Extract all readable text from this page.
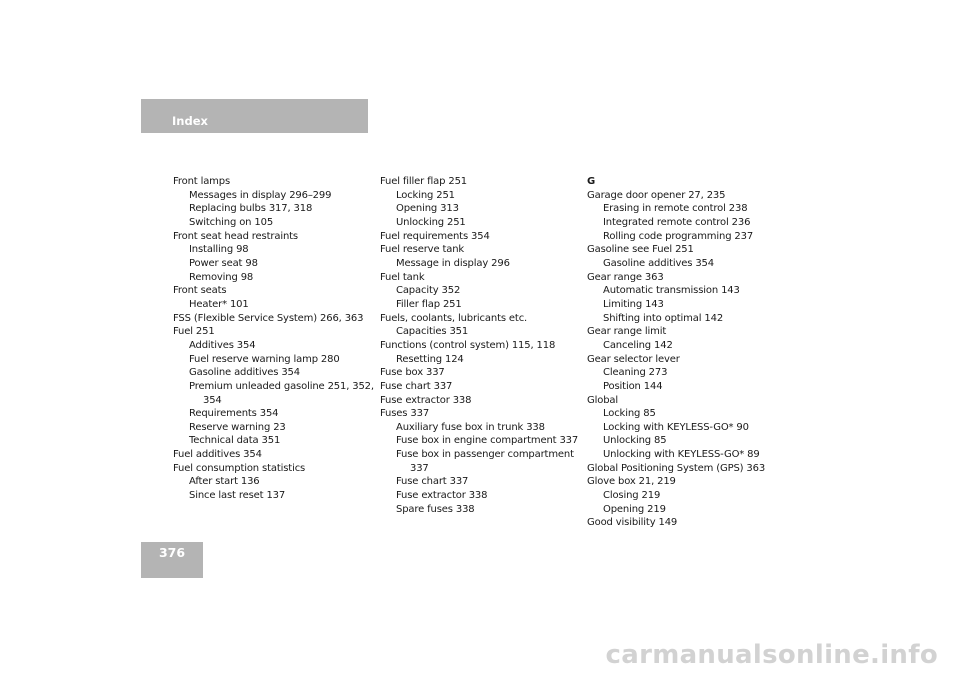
Index
Front lamps
Messages in display 296–299
Replacing bulbs 317, 318
Switching on 105
Front seat head restraints
Installing 98
Power seat 98
Removing 98
Front seats
Heater* 101
FSS (Flexible Service System) 266, 363
Fuel 251
Additives 354
Fuel reserve warning lamp 280
Gasoline additives 354
Premium unleaded gasoline 251, 352,
354
Requirements 354
Reserve warning 23
Technical data 351
Fuel additives 354
Fuel consumption statistics
After start 136
Since last reset 137
Fuel filler flap 251
Locking 251
Opening 313
Unlocking 251
Fuel requirements 354
Fuel reserve tank
Message in display 296
Fuel tank
Capacity 352
Filler flap 251
Fuels, coolants, lubricants etc.
Capacities 351
Functions (control system) 115, 118
Resetting 124
Fuse box 337
Fuse chart 337
Fuse extractor 338
Fuses 337
Auxiliary fuse box in trunk 338
Fuse box in engine compartment 337
Fuse box in passenger compartment
337
Fuse chart 337
Fuse extractor 338
Spare fuses 338
G
Garage door opener 27, 235
Erasing in remote control 238
Integrated remote control 236
Rolling code programming 237
Gasoline see Fuel 251
Gasoline additives 354
Gear range 363
Automatic transmission 143
Limiting 143
Shifting into optimal 142
Gear range limit
Canceling 142
Gear selector lever
Cleaning 273
Position 144
Global
Locking 85
Locking with KEYLESS-GO* 90
Unlocking 85
Unlocking with KEYLESS-GO* 89
Global Positioning System (GPS) 363
Glove box 21, 219
Closing 219
Opening 219
Good visibility 149
376
carmanualsonline.info
